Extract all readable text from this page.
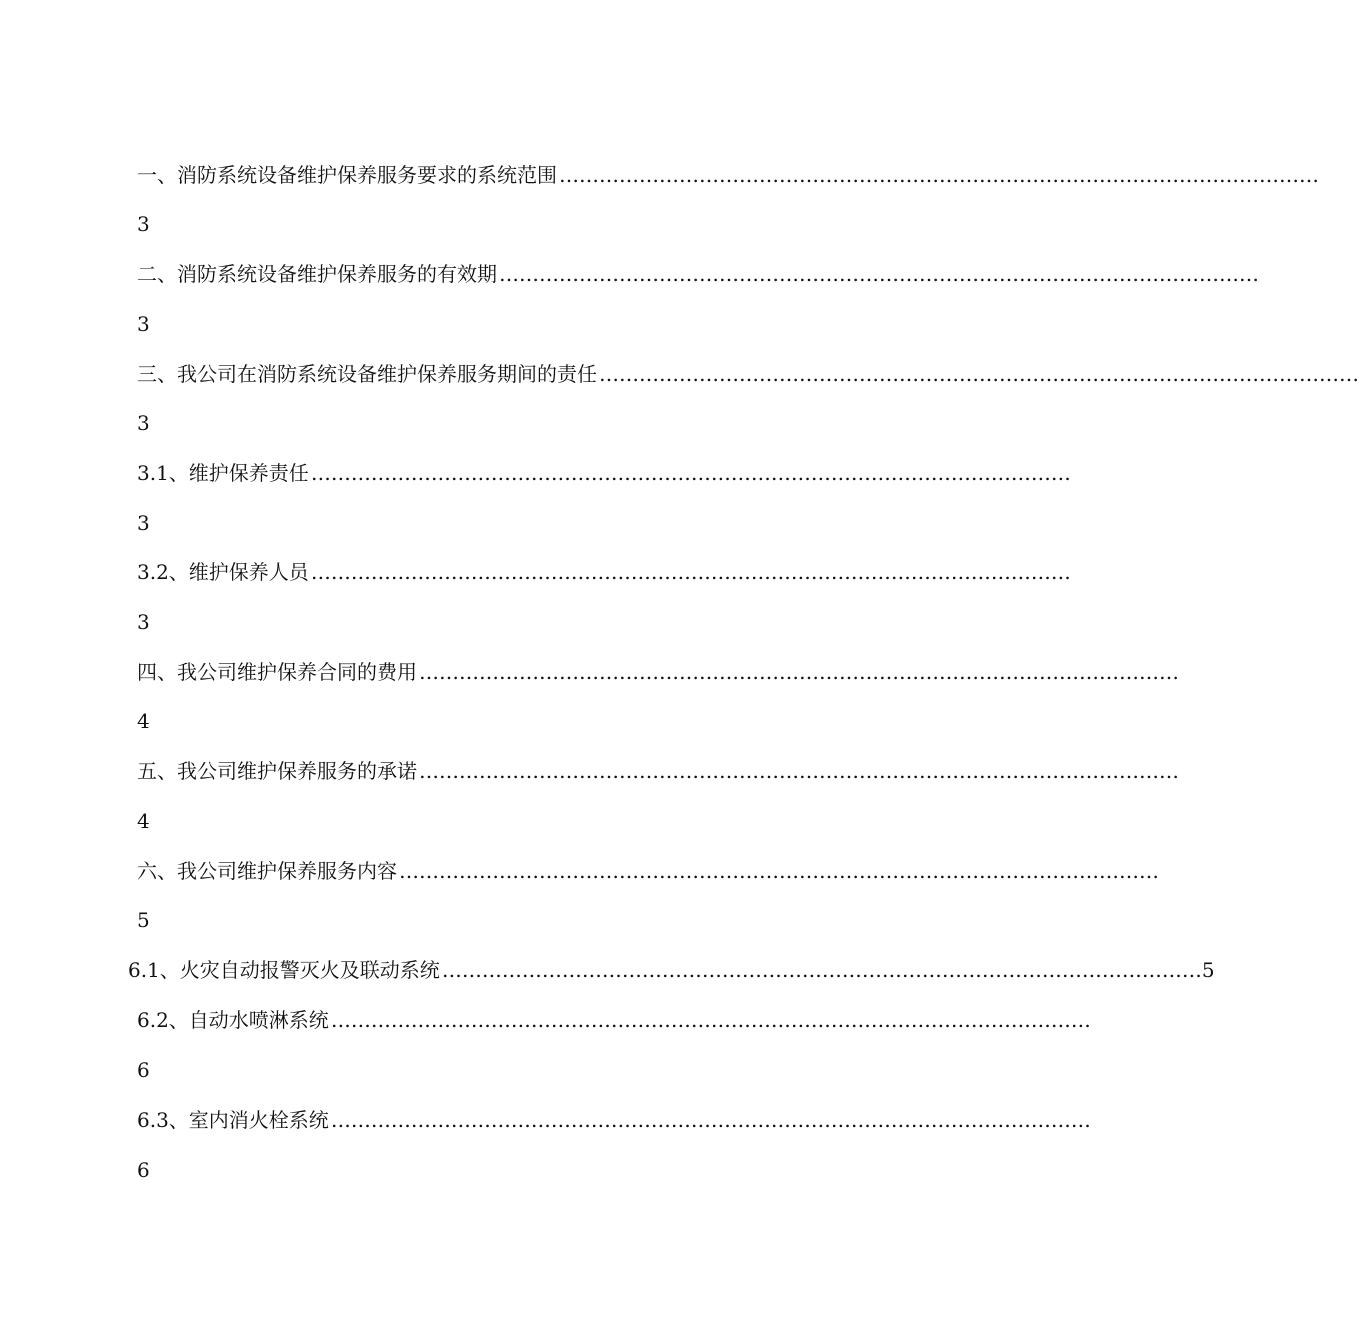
一、消防系统设备维护保养服务要求的系统范围 ……………………………………………………………………………………………………
3
二、消防系统设备维护保养服务的有效期 ……………………………………………………………………………………………………
3
三、我公司在消防系统设备维护保养服务期间的责任 ……………………………………………………………………………………………………
3
3.1、维护保养责任 ……………………………………………………………………………………………………
3
3.2、维护保养人员 ……………………………………………………………………………………………………
3
四、我公司维护保养合同的费用 ……………………………………………………………………………………………………
4
五、我公司维护保养服务的承诺 ……………………………………………………………………………………………………
4
六、我公司维护保养服务内容 ……………………………………………………………………………………………………
5
6.1、火灾自动报警灭火及联动系统 …………………………………………………………………………………………………… 5
6.2、自动水喷淋系统 ……………………………………………………………………………………………………
6
6.3、室内消火栓系统 ……………………………………………………………………………………………………
6
